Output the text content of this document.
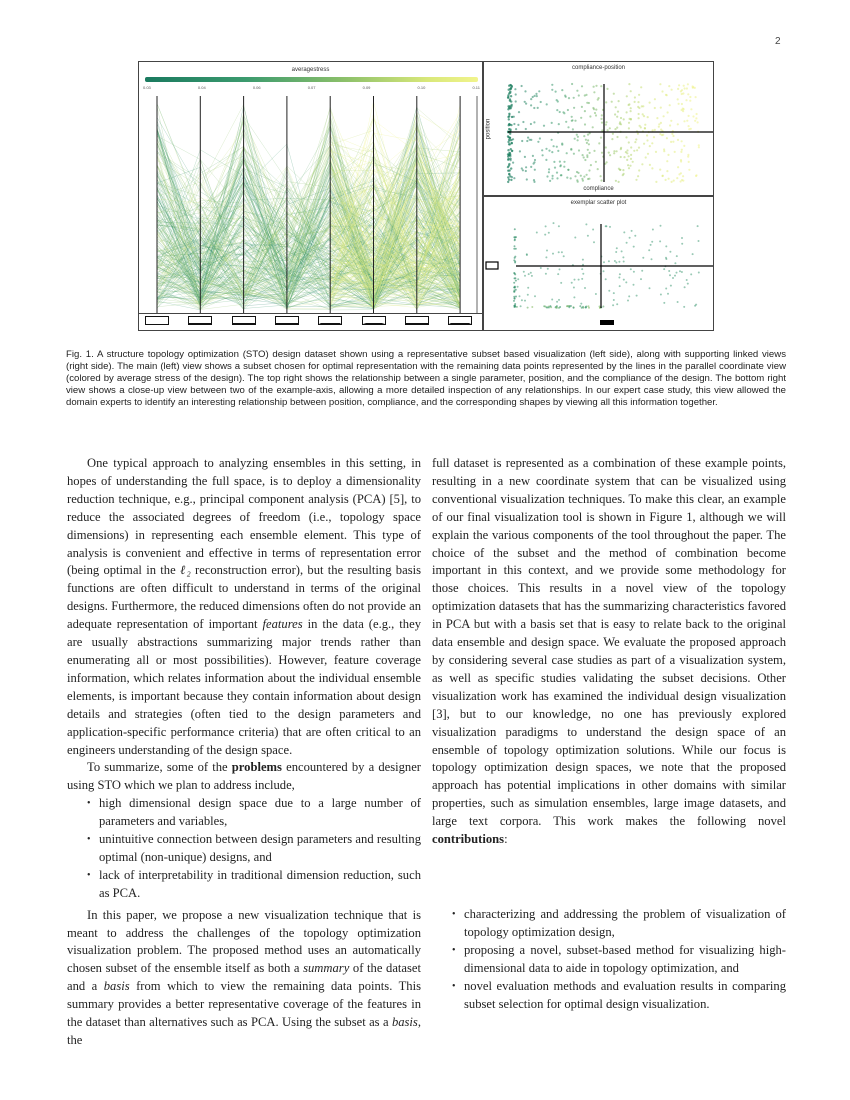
2
averagestress
0.03	0.04	0.06	0.07	0.09	0.10	0.11
compliance-position
position
compliance
exemplar scatter plot
Fig. 1. A structure topology optimization (STO) design dataset shown using a representative subset based visualization (left side), along with supporting linked views (right side). The main (left) view shows a subset chosen for optimal representation with the remaining data points represented by the lines in the parallel coordinate view (colored by average stress of the design). The top right shows the relationship between a single parameter, position, and the compliance of the design. The bottom right view shows a close-up view between two of the example-axis, allowing a more detailed inspection of any relationships. In our expert case study, this view allowed the domain experts to identify an interesting relationship between position, compliance, and the corresponding shapes by viewing all this information together.

One typical approach to analyzing ensembles in this setting, in hopes of understanding the full space, is to deploy a dimensionality reduction technique, e.g., principal component analysis (PCA) [5], to reduce the associated degrees of freedom (i.e., topology space dimensions) in representing each ensemble element. This type of analysis is convenient and effective in terms of representation error (being optimal in the ℓ₂ reconstruction error), but the resulting basis functions are often difficult to understand in terms of the original designs. Furthermore, the reduced dimensions often do not provide an adequate representation of important features in the data (e.g., they are usually abstractions summarizing major trends rather than enumerating all or most possibilities). However, feature coverage information, which relates information about the individual ensemble elements, is important because they contain information about design details and strategies (often tied to the design parameters and application-specific performance criteria) that are often critical to an engineers understanding of the design space.

To summarize, some of the problems encountered by a designer using STO which we plan to address include,

• high dimensional design space due to a large number of parameters and variables,
• unintuitive connection between design parameters and resulting optimal (non-unique) designs, and
• lack of interpretability in traditional dimension reduction, such as PCA.

In this paper, we propose a new visualization technique that is meant to address the challenges of the topology optimization visualization problem. The proposed method uses an automatically chosen subset of the ensemble itself as both a summary of the dataset and a basis from which to view the remaining data points. This summary provides a better representative coverage of the features in the dataset than alternatives such as PCA. Using the subset as a basis, the

full dataset is represented as a combination of these example points, resulting in a new coordinate system that can be visualized using conventional visualization techniques. To make this clear, an example of our final visualization tool is shown in Figure 1, although we will explain the various components of the tool throughout the paper. The choice of the subset and the method of combination become important in this context, and we provide some methodology for those choices. This results in a novel view of the topology optimization datasets that has the summarizing characteristics favored in PCA but with a basis set that is easy to relate back to the original data ensemble and design space. We evaluate the proposed approach by considering several case studies as part of a visualization system, as well as specific studies validating the subset decisions. Other visualization work has examined the individual design visualization [3], but to our knowledge, no one has previously explored visualization paradigms to understand the design space of an ensemble of topology optimization solutions. While our focus is topology optimization design spaces, we note that the proposed approach has potential implications in other domains with similar properties, such as simulation ensembles, large image datasets, and large text corpora. This work makes the following novel contributions:

• characterizing and addressing the problem of visualization of topology optimization design,
• proposing a novel, subset-based method for visualizing high-dimensional data to aide in topology optimization, and
• novel evaluation methods and evaluation results in comparing subset selection for optimal design visualization.
